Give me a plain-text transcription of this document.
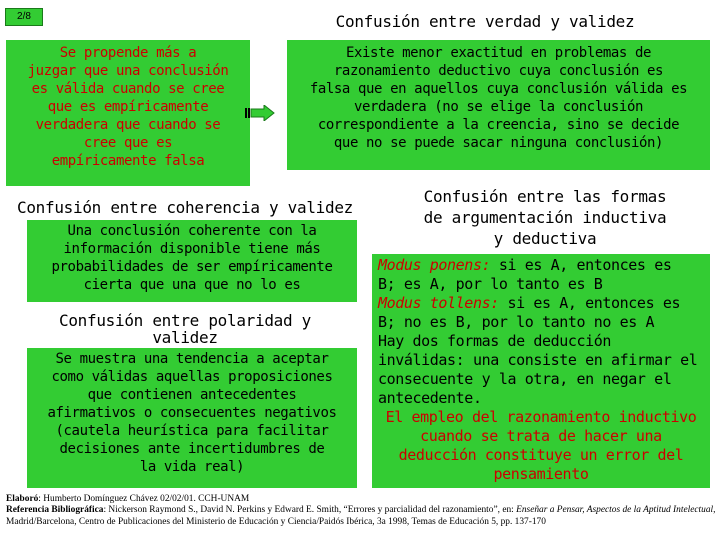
2/8	Confusión entre verdad y validez
Se propende más a
juzgar que una conclusión
es válida cuando se cree
que es empíricamente
verdadera que cuando se
cree que es
empíricamente falsa
Existe menor exactitud en problemas de
razonamiento deductivo cuya conclusión es
falsa que en aquellos cuya conclusión válida es
verdadera (no se elige la conclusión
correspondiente a la creencia, sino se decide
que no se puede sacar ninguna conclusión)
Confusión entre coherencia y validez
Confusión entre las formas
de argumentación inductiva
y deductiva
Una conclusión coherente con la
información disponible tiene más
probabilidades de ser empíricamente
cierta que una que no lo es
Confusión entre polaridad y
validez
Se muestra una tendencia a aceptar
como válidas aquellas proposiciones
que contienen antecedentes
afirmativos o consecuentes negativos
(cautela heurística para facilitar
decisiones ante incertidumbres de
la vida real)
Modus ponens: si es A, entonces es
B; es A, por lo tanto es B
Modus tollens: si es A, entonces es
B; no es B, por lo tanto no es A
Hay dos formas de deducción
inválidas: una consiste en afirmar el
consecuente y la otra, en negar el
antecedente.
El empleo del razonamiento inductivo
cuando se trata de hacer una
deducción constituye un error del
pensamiento

Elaboró: Humberto Domínguez Chávez 02/02/01. CCH-UNAM

Referencia Bibliográfica: Nickerson Raymond S., David N. Perkins y Edward E. Smith, “Errores y parcialidad del razonamiento”, en: Enseñar a Pensar, Aspectos de la Aptitud Intelectual, Madrid/Barcelona, Centro de Publicaciones del Ministerio de Educación y Ciencia/Paidós Ibérica, 3a 1998, Temas de Educación 5, pp. 137-170
